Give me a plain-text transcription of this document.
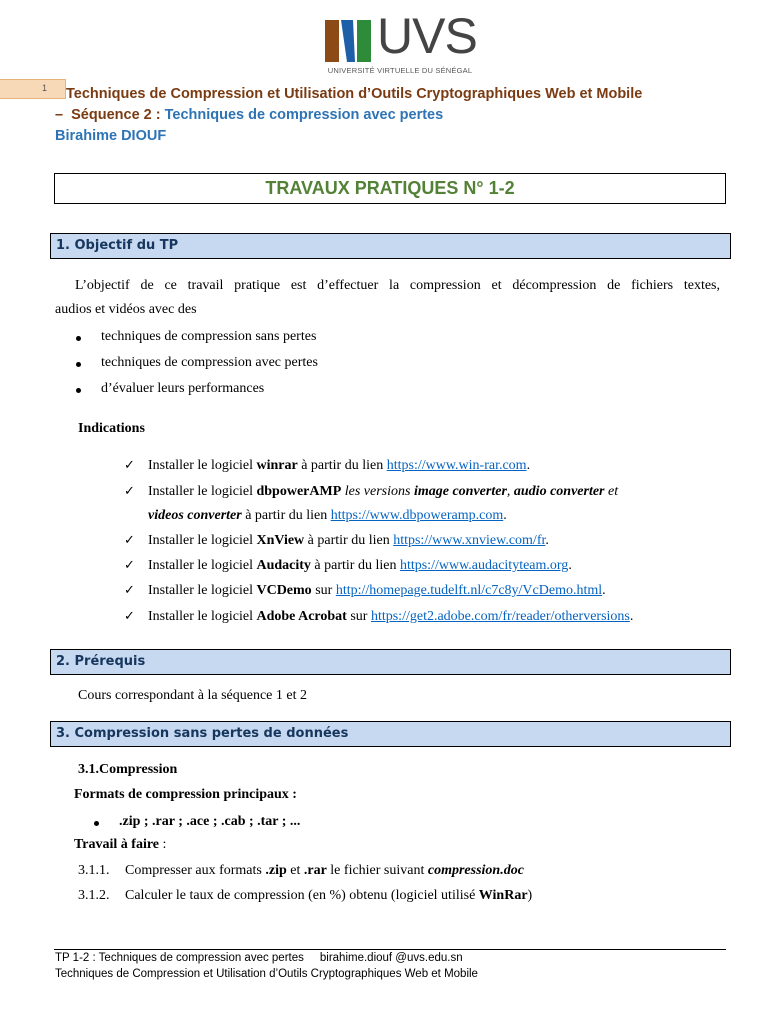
UVS
UNIVERSITÉ VIRTUELLE DU SÉNÉGAL
1 Techniques de Compression et Utilisation d’Outils Cryptographiques Web et Mobile
– Séquence 2 : Techniques de compression avec pertes
Birahime DIOUF
TRAVAUX PRATIQUES N° 1-2
1. Objectif du TP
L’objectif de ce travail pratique est d’effectuer la compression et décompression de fichiers textes,
audios et vidéos avec des
techniques de compression sans pertes
techniques de compression avec pertes
d’évaluer leurs performances
Indications
✓ Installer le logiciel winrar à partir du lien https://www.win-rar.com.
✓ Installer le logiciel dbpowerAMP les versions image converter, audio converter et
videos converter à partir du lien https://www.dbpoweramp.com.
✓ Installer le logiciel XnView à partir du lien https://www.xnview.com/fr.
✓ Installer le logiciel Audacity à partir du lien https://www.audacityteam.org.
✓ Installer le logiciel VCDemo sur http://homepage.tudelft.nl/c7c8y/VcDemo.html.
✓ Installer le logiciel Adobe Acrobat sur https://get2.adobe.com/fr/reader/otherversions.
2. Prérequis
Cours correspondant à la séquence 1 et 2
3. Compression sans pertes de données
3.1.Compression
Formats de compression principaux :
.zip ; .rar ; .ace ; .cab ; .tar ; ...
Travail à faire :
3.1.1. Compresser aux formats .zip et .rar le fichier suivant compression.doc
3.1.2. Calculer le taux de compression (en %) obtenu (logiciel utilisé WinRar)
TP 1-2 : Techniques de compression avec pertes birahime.diouf @uvs.edu.sn
Techniques de Compression et Utilisation d’Outils Cryptographiques Web et Mobile
